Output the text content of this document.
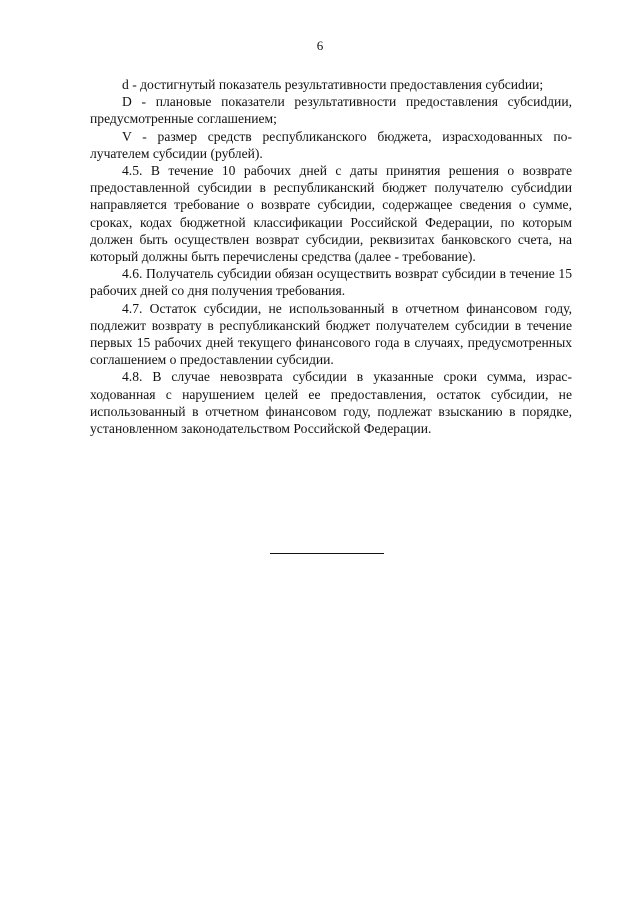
6

d - достигнутый показатель результативности предоставления субсиdии;

D - плановые показатели результативности предоставления субсиdдии, предусмотренные соглашением;

V - размер средств республиканского бюджета, израсходованных получателем субсидии (рублей).

4.5. В течение 10 рабочих дней с даты принятия решения о возврате предоставленной субсидии в республиканский бюджет получателю субсиdдии направляется требование о возврате субсидии, содержащее сведения о сумме, сроках, кодах бюджетной классификации Российской Федерации, по которым должен быть осуществлен возврат субсидии, реквизитах банковского счета, на который должны быть перечислены средства (далее - требование).

4.6. Получатель субсидии обязан осуществить возврат субсидии в течение 15 рабочих дней со дня получения требования.

4.7. Остаток субсидии, не использованный в отчетном финансовом году, подлежит возврату в республиканский бюджет получателем субсидии в течение первых 15 рабочих дней текущего финансового года в случаях, предусмотренных соглашением о предоставлении субсидии.

4.8. В случае невозврата субсидии в указанные сроки сумма, израсходованная с нарушением целей ее предоставления, остаток субсидии, не использованный в отчетном финансовом году, подлежат взысканию в порядке, установленном законодательством Российской Федерации.
